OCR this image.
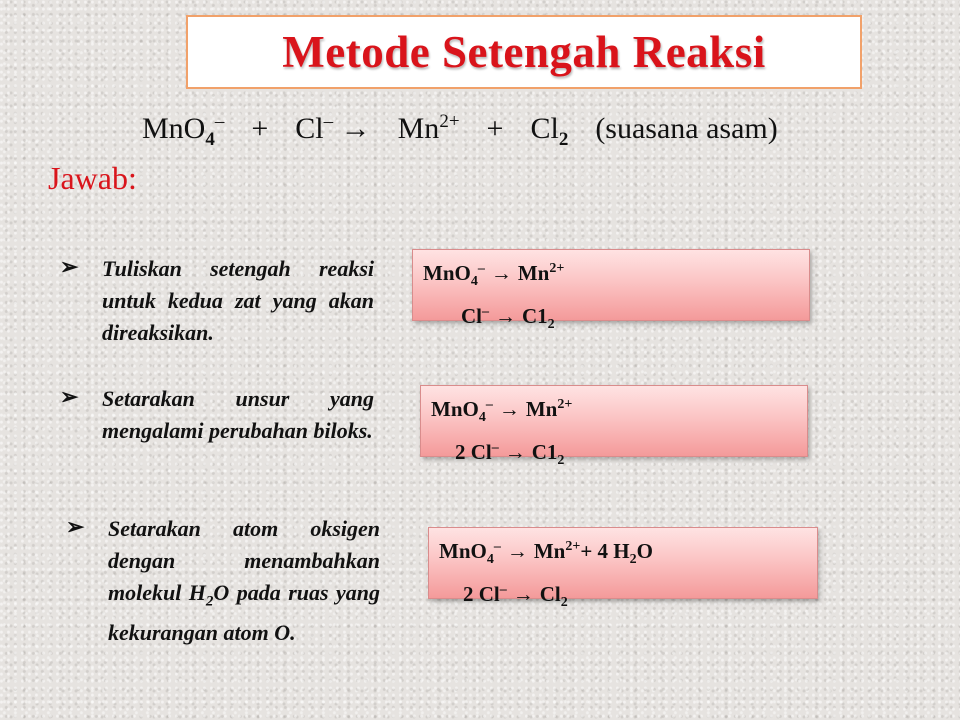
Metode Setengah Reaksi
$MnO_4^- + Cl^- \to Mn^{2+} + Cl_2$ (suasana asam)
Jawab:
➢ Tuliskan setengah reaksi untuk kedua zat yang akan direaksikan.
$MnO_4^- \to Mn^{2+}$
$Cl^- \to C1_2$
➢ Setarakan unsur yang mengalami perubahan biloks.
$MnO_4^- \to Mn^{2+}$
2 $Cl^- \to C1_2$
➢ Setarakan atom oksigen dengan menambahkan molekul $H_2O$ pada ruas yang kekurangan atom O.
$MnO_4^- \to Mn^{2+}+ 4$ $H_2O$
2 $Cl^- \to Cl_2$
